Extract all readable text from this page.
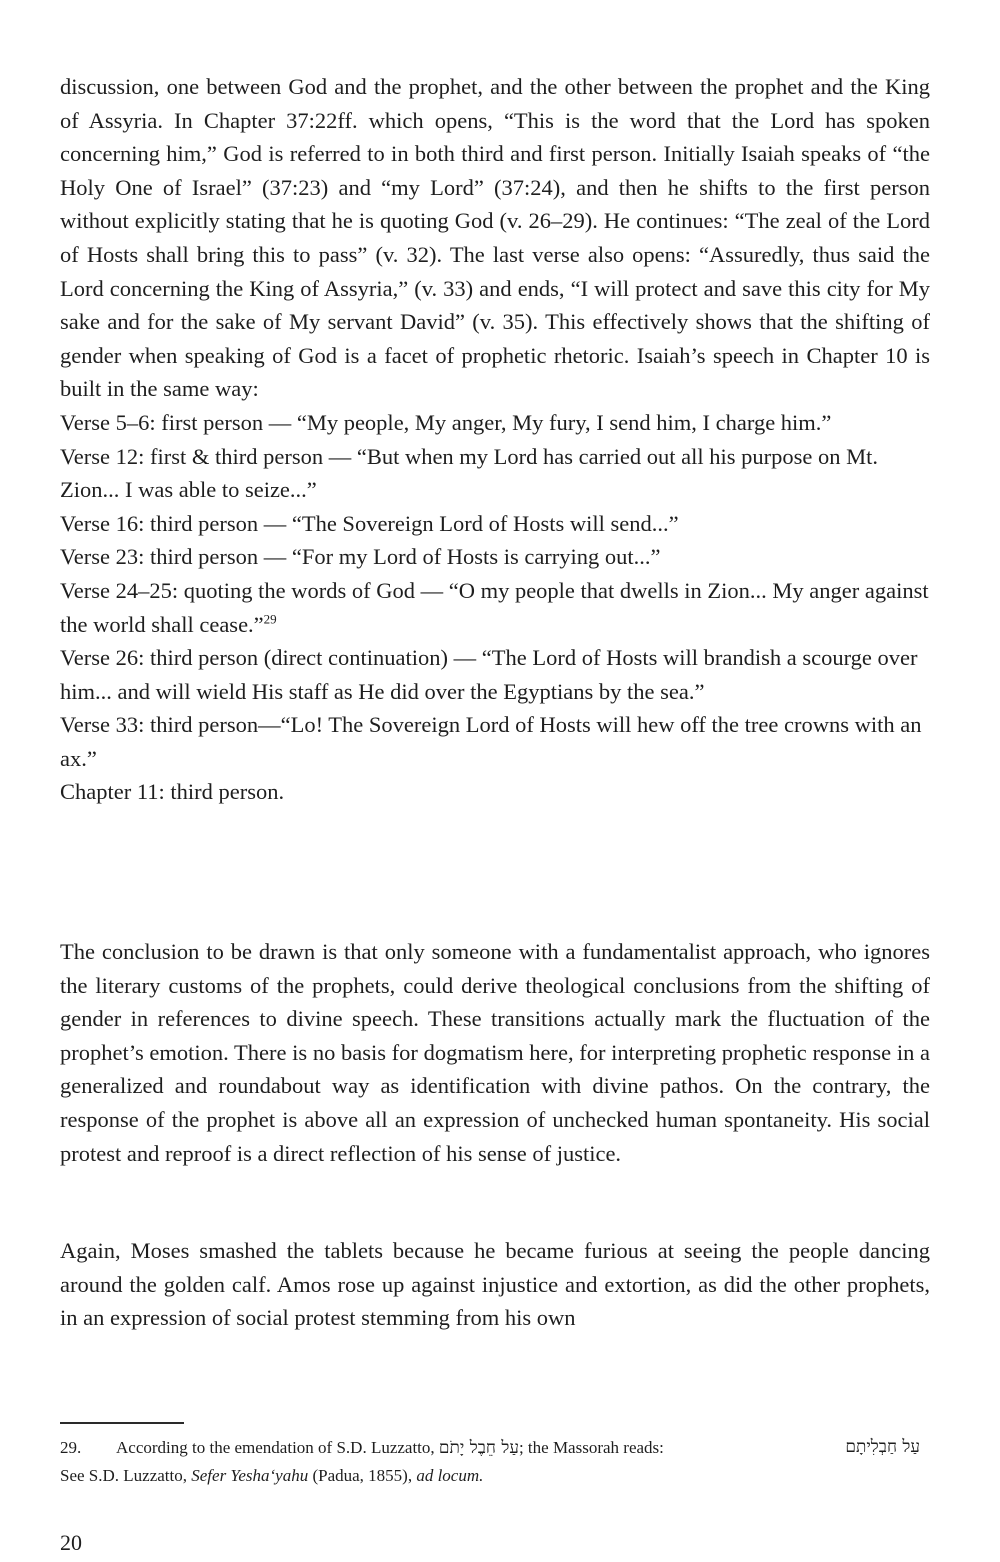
discussion, one between God and the prophet, and the other between the prophet and the King of Assyria. In Chapter 37:22ff. which opens, “This is the word that the Lord has spoken concerning him,” God is referred to in both third and first person. Initially Isaiah speaks of “the Holy One of Israel” (37:23) and “my Lord” (37:24), and then he shifts to the first person without explicitly stating that he is quoting God (v. 26–29). He continues: “The zeal of the Lord of Hosts shall bring this to pass” (v. 32). The last verse also opens: “Assuredly, thus said the Lord concerning the King of Assyria,” (v. 33) and ends, “I will protect and save this city for My sake and for the sake of My servant David” (v. 35). This effectively shows that the shifting of gender when speaking of God is a facet of prophetic rhetoric. Isaiah’s speech in Chapter 10 is built in the same way:

Verse 5–6: first person — “My people, My anger, My fury, I send him, I charge him.”

Verse 12: first & third person — “But when my Lord has carried out all his purpose on Mt. Zion... I was able to seize...”

Verse 16: third person — “The Sovereign Lord of Hosts will send...”

Verse 23: third person — “For my Lord of Hosts is carrying out...”

Verse 24–25: quoting the words of God — “O my people that dwells in Zion... My anger against the world shall cease.”$^{29}$

Verse 26: third person (direct continuation) — “The Lord of Hosts will brandish a scourge over him... and will wield His staff as He did over the Egyptians by the sea.”

Verse 33: third person—“Lo! The Sovereign Lord of Hosts will hew off the tree crowns with an ax.”

Chapter 11: third person.

The conclusion to be drawn is that only someone with a fundamentalist approach, who ignores the literary customs of the prophets, could derive theological conclusions from the shifting of gender in references to divine speech. These transitions actually mark the fluctuation of the prophet’s emotion. There is no basis for dogmatism here, for interpreting prophetic response in a generalized and roundabout way as identification with divine pathos. On the contrary, the response of the prophet is above all an expression of unchecked human spontaneity. His social protest and reproof is a direct reflection of his sense of justice.

Again, Moses smashed the tablets because he became furious at seeing the people dancing around the golden calf. Amos rose up against injustice and extortion, as did the other prophets, in an expression of social protest stemming from his own

29. According to the emendation of S.D. Luzzatto, עַל חֵבֶל יָתֹם; the Massorah reads:	עַל חַבְלִיתָם

See S.D. Luzzatto, Sefer Yesha‘yahu (Padua, 1855), ad locum.

20
